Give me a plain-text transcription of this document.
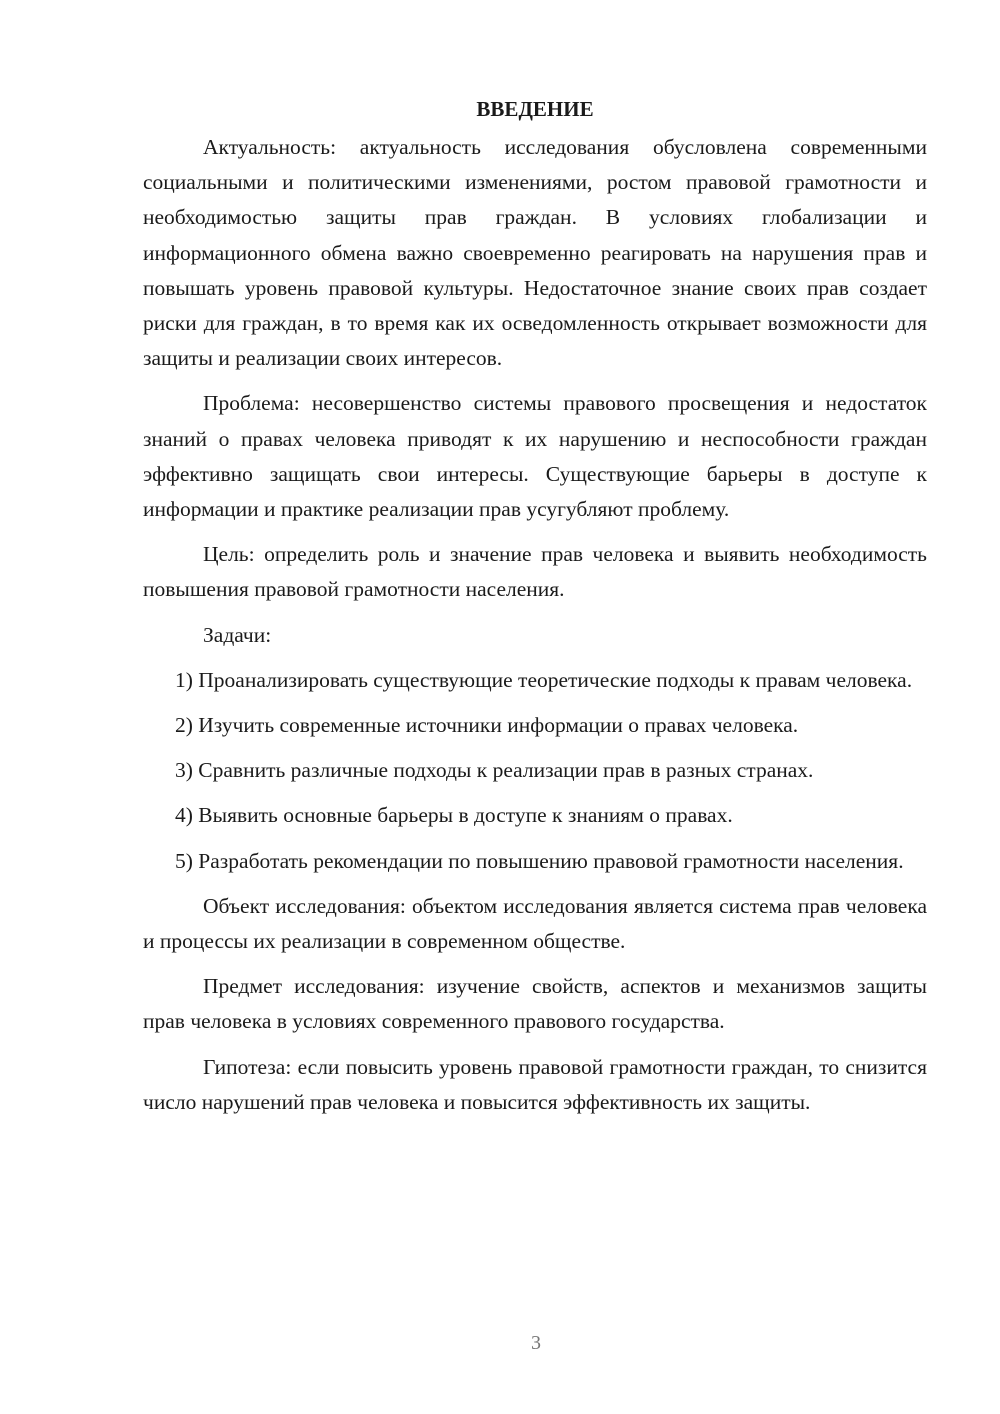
ВВЕДЕНИЕ

Актуальность: актуальность исследования обусловлена современными социальными и политическими изменениями, ростом правовой грамотности и необходимостью защиты прав граждан. В условиях глобализации и информационного обмена важно своевременно реагировать на нарушения прав и повышать уровень правовой культуры. Недостаточное знание своих прав создает риски для граждан, в то время как их осведомленность открывает возможности для защиты и реализации своих интересов.

Проблема: несовершенство системы правового просвещения и недостаток знаний о правах человека приводят к их нарушению и неспособности граждан эффективно защищать свои интересы. Существующие барьеры в доступе к информации и практике реализации прав усугубляют проблему.

Цель: определить роль и значение прав человека и выявить необходимость повышения правовой грамотности населения.

Задачи:

1) Проанализировать существующие теоретические подходы к правам человека.

2) Изучить современные источники информации о правах человека.

3) Сравнить различные подходы к реализации прав в разных странах.

4) Выявить основные барьеры в доступе к знаниям о правах.

5) Разработать рекомендации по повышению правовой грамотности населения.

Объект исследования: объектом исследования является система прав человека и процессы их реализации в современном обществе.

Предмет исследования: изучение свойств, аспектов и механизмов защиты прав человека в условиях современного правового государства.

Гипотеза: если повысить уровень правовой грамотности граждан, то снизится число нарушений прав человека и повысится эффективность их защиты.

3
